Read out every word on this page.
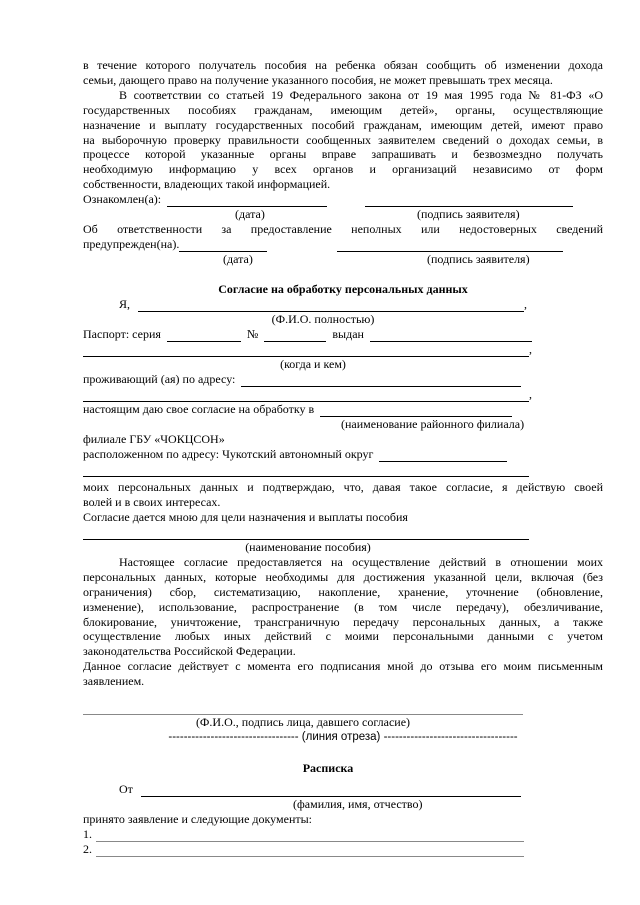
в течение которого получатель пособия на ребенка обязан сообщить об изменении дохода

семьи, дающего право на получение указанного пособия, не может превышать трех месяца.

В соответствии со статьей 19 Федерального закона от 19 мая 1995 года № 81-ФЗ «О

государственных пособиях гражданам, имеющим детей», органы, осуществляющие

назначение и выплату государственных пособий гражданам, имеющим детей, имеют право

на выборочную проверку правильности сообщенных заявителем сведений о доходах семьи, в

процессе которой указанные органы вправе запрашивать и безвозмездно получать

необходимую информацию у всех органов и организаций независимо от форм

собственности, владеющих такой информацией.

Ознакомлен(а):
(дата)	(подпись заявителя)

Об ответственности за предоставление неполных или недостоверных сведений

предупрежден(на).
(дата)	(подпись заявителя)
Согласие на обработку персональных данных
Я,	,
(Ф.И.О. полностью)
Паспорт: серия	№	выдан
,
(когда и кем)
проживающий (ая) по адресу:
,
настоящим даю свое согласие на обработку в
(наименование районного филиала)
филиале ГБУ «ЧОКЦСОН»
расположенном по адресу: Чукотский автономный округ

моих персональных данных и подтверждаю, что, давая такое согласие, я действую своей

волей и в своих интересах.

Согласие дается мною для цели назначения и выплаты пособия
(наименование пособия)

Настоящее согласие предоставляется на осуществление действий в отношении моих

персональных данных, которые необходимы для достижения указанной цели, включая (без

ограничения) сбор, систематизацию, накопление, хранение, уточнение (обновление,

изменение), использование, распространение (в том числе передачу), обезличивание,

блокирование, уничтожение, трансграничную передачу персональных данных, а также

осуществление любых иных действий с моими персональными данными с учетом

законодательства Российской Федерации.

Данное согласие действует с момента его подписания мной до отзыва его моим письменным

заявлением.

(Ф.И.О., подпись лица, давшего согласие)
---------------------------------- (линия отреза) -----------------------------------
Расписка
От
(фамилия, имя, отчество)
принято заявление и следующие документы:
1.
2.
